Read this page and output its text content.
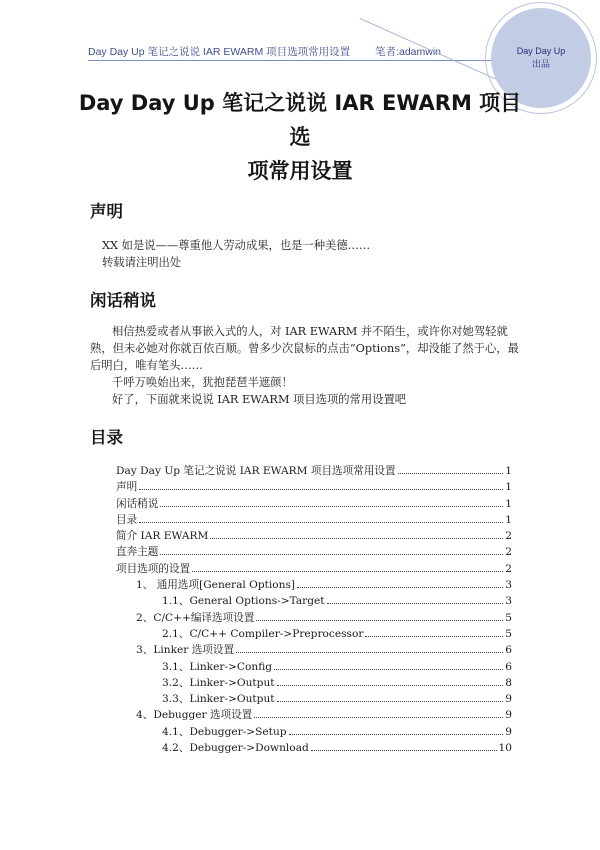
Day Day Up 笔记之说说 IAR EWARM 项目选项常用设置 笔者:adamwin	Day Day Up
出品
Day Day Up 笔记之说说 IAR EWARM 项目选
项常用设置
声明
XX 如是说——尊重他人劳动成果，也是一种美德……
转载请注明出处
闲话稍说
相信热爱或者从事嵌入式的人，对 IAR EWARM 并不陌生，或许你对她驾轻就熟，但未必她对你就百依百顺。曾多少次鼠标的点击“Options”，却没能了然于心，最后明白，唯有笔头……
千呼万唤始出来，犹抱琵琶半遮颜！
好了，下面就来说说 IAR EWARM 项目选项的常用设置吧
目录
Day Day Up 笔记之说说 IAR EWARM 项目选项常用设置	1
声明	1
闲话稍说	1
目录	1
简介 IAR EWARM	2
直奔主题	2
项目选项的设置	2
1、 通用选项[General Options]	3
1.1、General Options->Target	3
2、C/C++编译选项设置	5
2.1、C/C++ Compiler->Preprocessor	5
3、Linker 选项设置	6
3.1、Linker->Config	6
3.2、Linker->Output	8
3.3、Linker->Output	9
4、Debugger 选项设置	9
4.1、Debugger->Setup	9
4.2、Debugger->Download	10
